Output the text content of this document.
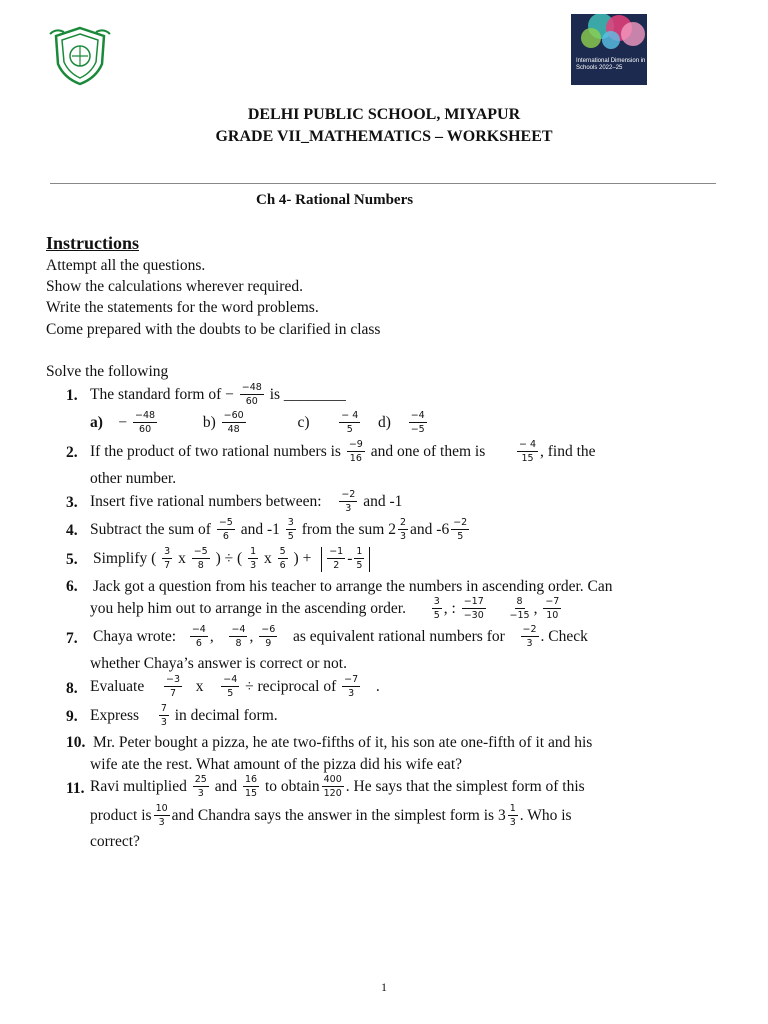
International Dimension in Schools 2022–25
DELHI PUBLIC SCHOOL, MIYAPUR
GRADE VII_MATHEMATICS – WORKSHEET
Ch 4- Rational Numbers
Instructions
Attempt all the questions.
Show the calculations wherever required.
Write the statements for the word problems.
Come prepared with the doubts to be clarified in class
Solve the following
1. The standard form of − $\frac{-48}{60}$ is ________
$a) - \frac{-48}{60}$	$b) \frac{-60}{48}$	c)	$\frac{- 4}{5} d) \frac{-4}{-5}$
2. If the product of two rational numbers is $\frac{-9}{16}$ and one of them is	$\frac{- 4}{15}$ , find the
other number.
3. Insert five rational numbers between: $\frac{-2}{3}$ and -1
4. Subtract the sum of $\frac{-5}{6}$ and $-1 \frac{3}{5}$ from the sum $2 \frac{2}{3}$ and $-6 \frac{-2}{5}$
5. Simplify ( $\frac{3}{7}$ x $\frac{-5}{8}$ ) ÷ ( $\frac{1}{3}$ x $\frac{5}{6}$ ) + $\frac{-1}{2} - \frac{1}{5}$
6. Jack got a question from his teacher to arrange the numbers in ascending order. Can
you help him out to arrange in the ascending order.	$\frac{3}{5}$ , : $\frac{-17}{-30}$
$\frac{8}{-15}$ , $\frac{-7}{10}$
7. Chaya wrote: $\frac{-4}{6}$ , $\frac{-4}{8}$ , $\frac{-6}{9}$ as equivalent rational numbers for $\frac{-2}{3}$ . Check
whether Chaya’s answer is correct or not.
8. Evaluate $\frac{-3}{7}$ x $\frac{-4}{5}$ ÷ reciprocal of $\frac{-7}{3}$ .
9. Express $\frac{7}{3}$ in decimal form.
10. Mr. Peter bought a pizza, he ate two-fifths of it, his son ate one-fifth of it and his
wife ate the rest. What amount of the pizza did his wife eat?
11. Ravi multiplied $\frac{25}{3}$ and $\frac{16}{15}$ to obtain $\frac{400}{120}$ . He says that the simplest form of this
product is $\frac{10}{3}$ and Chandra says the answer in the simplest form is $3 \frac{1}{3}$ . Who is
correct?
1
